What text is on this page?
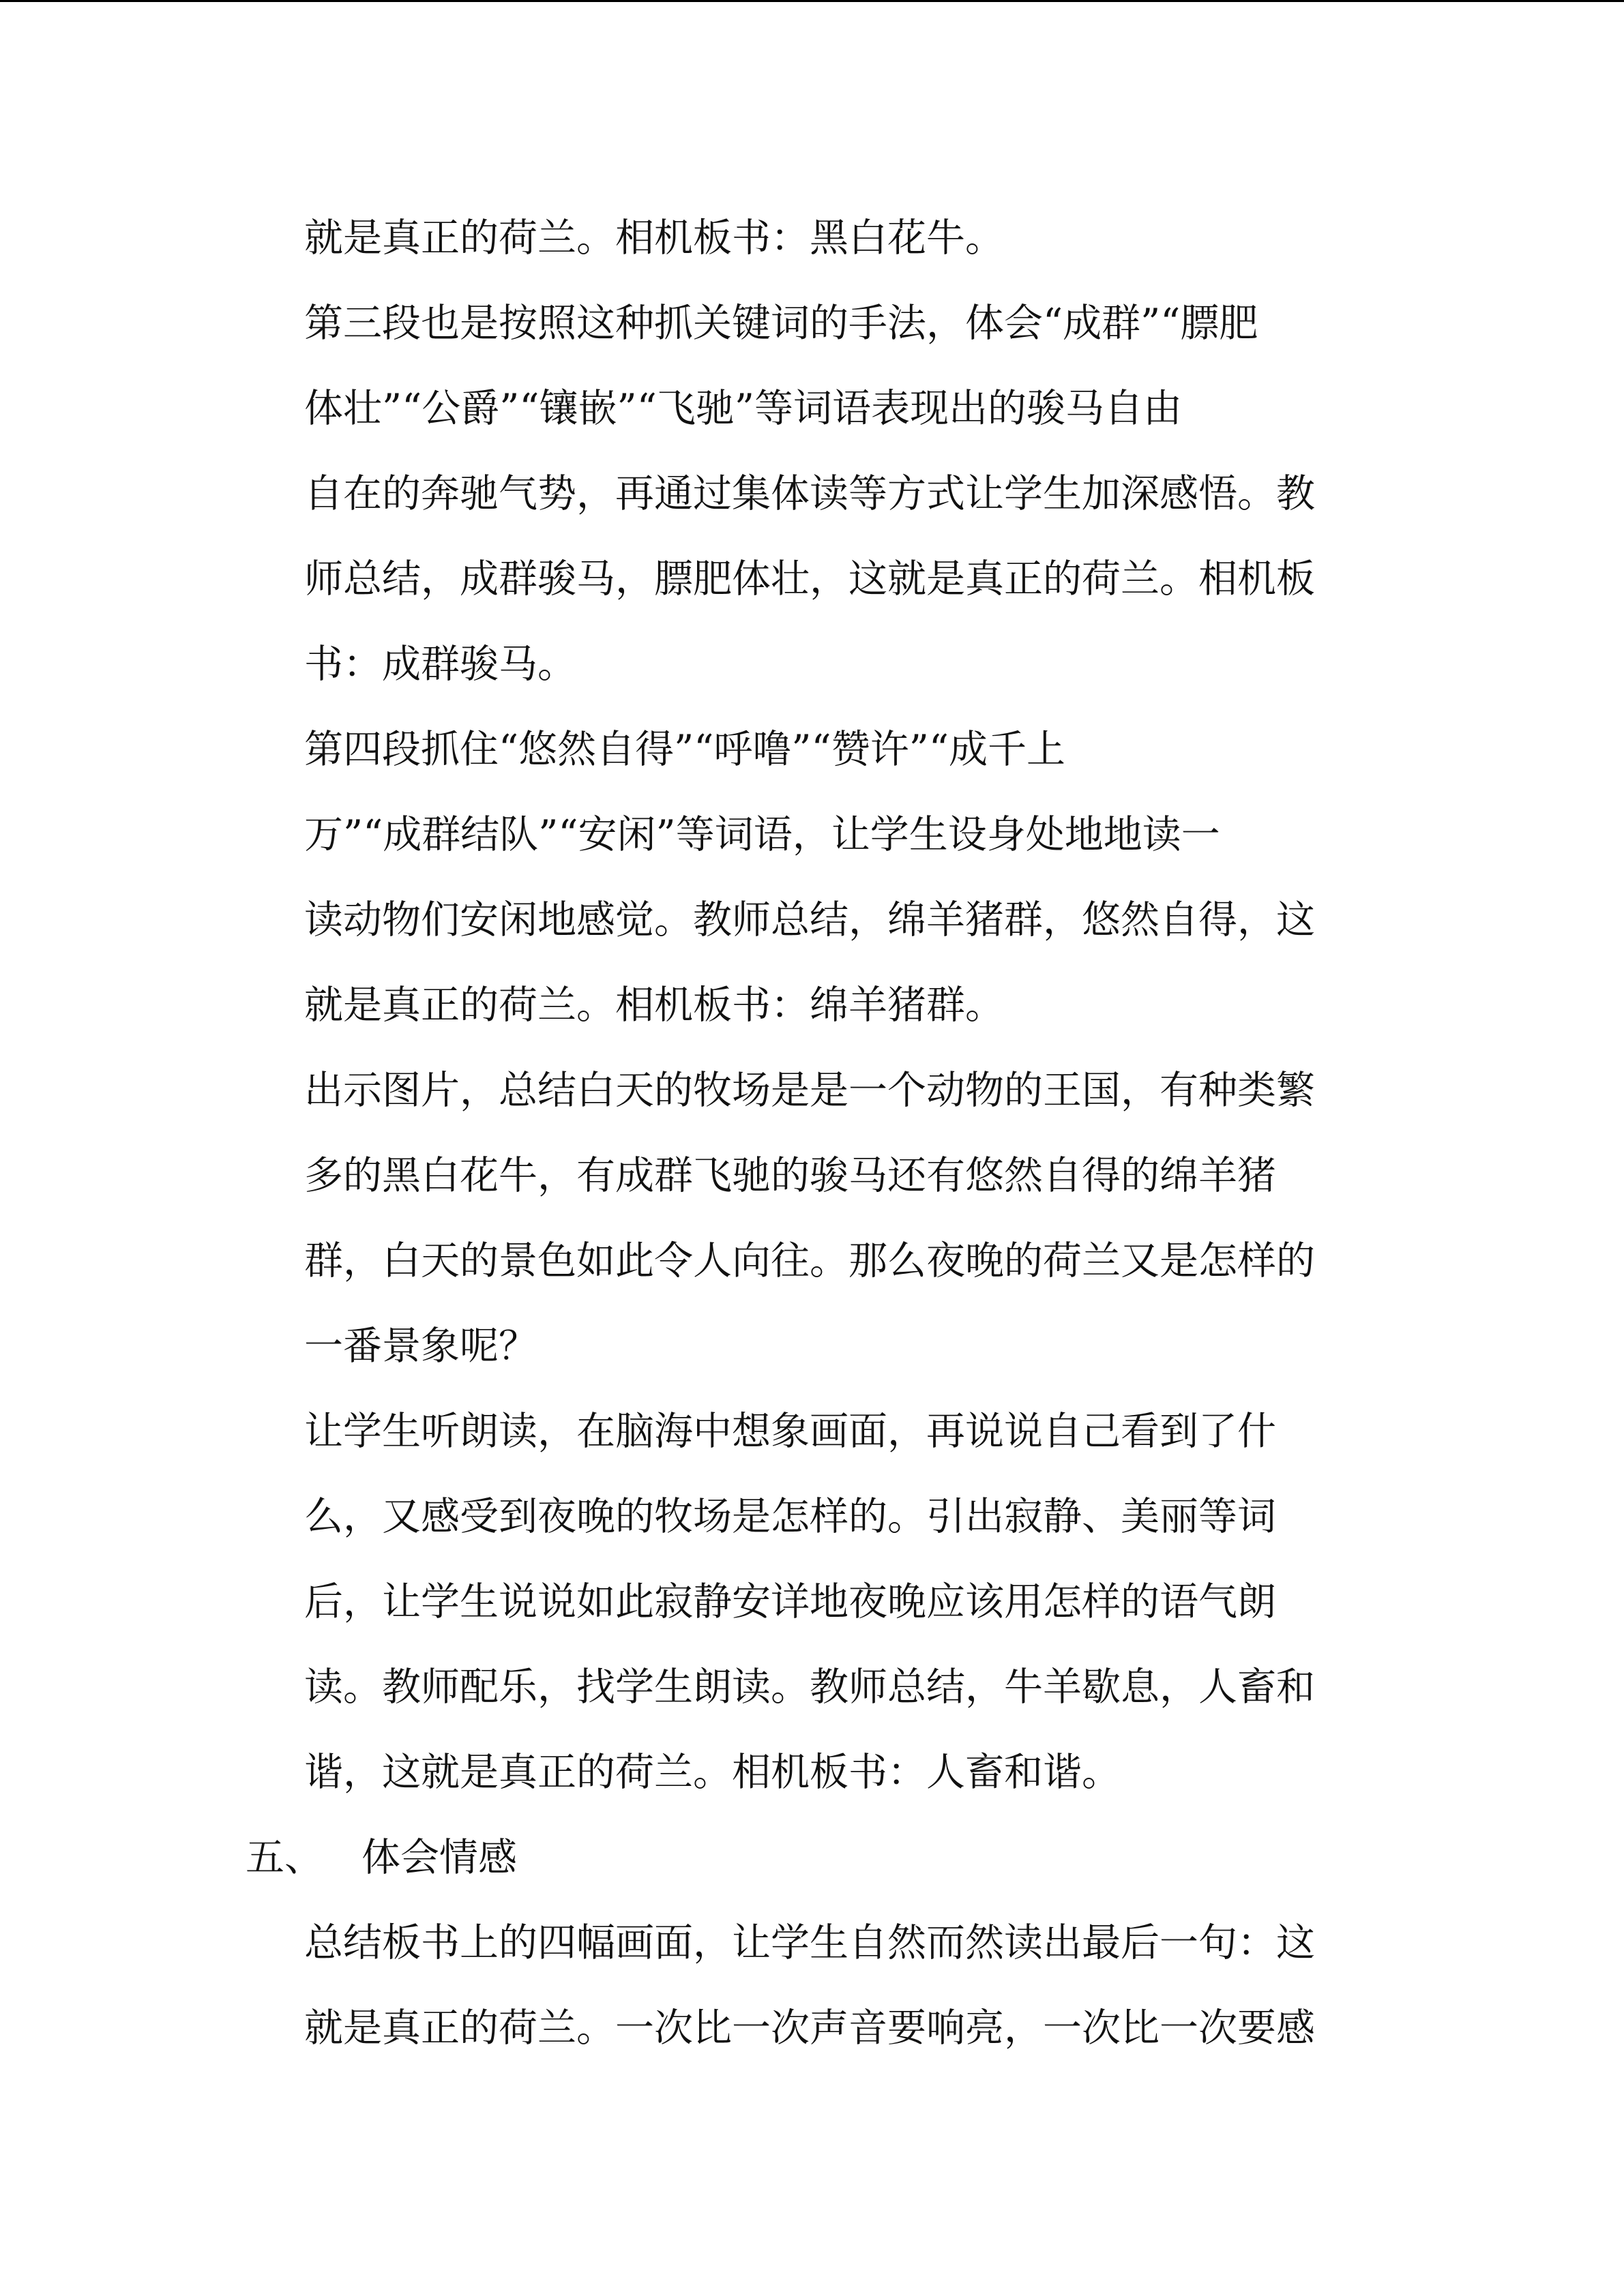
就是真正的荷兰。相机板书：黑白花牛。
第三段也是按照这种抓关键词的手法，体会“成群”“膘肥
体壮”“公爵”“镶嵌”“飞驰”等词语表现出的骏马自由
自在的奔驰气势，再通过集体读等方式让学生加深感悟。教
师总结，成群骏马，膘肥体壮，这就是真正的荷兰。相机板
书：成群骏马。
第四段抓住“悠然自得”“呼噜”“赞许”“成千上
万”“成群结队”“安闲”等词语，让学生设身处地地读一
读动物们安闲地感觉。教师总结，绵羊猪群，悠然自得，这
就是真正的荷兰。相机板书：绵羊猪群。
出示图片，总结白天的牧场是是一个动物的王国，有种类繁
多的黑白花牛，有成群飞驰的骏马还有悠然自得的绵羊猪
群，白天的景色如此令人向往。那么夜晚的荷兰又是怎样的
一番景象呢？
让学生听朗读，在脑海中想象画面，再说说自己看到了什
么，又感受到夜晚的牧场是怎样的。引出寂静、美丽等词
后，让学生说说如此寂静安详地夜晚应该用怎样的语气朗
读。教师配乐，找学生朗读。教师总结，牛羊歇息，人畜和
谐，这就是真正的荷兰。相机板书：人畜和谐。
五、 体会情感
总结板书上的四幅画面，让学生自然而然读出最后一句：这
就是真正的荷兰。一次比一次声音要响亮，一次比一次要感
